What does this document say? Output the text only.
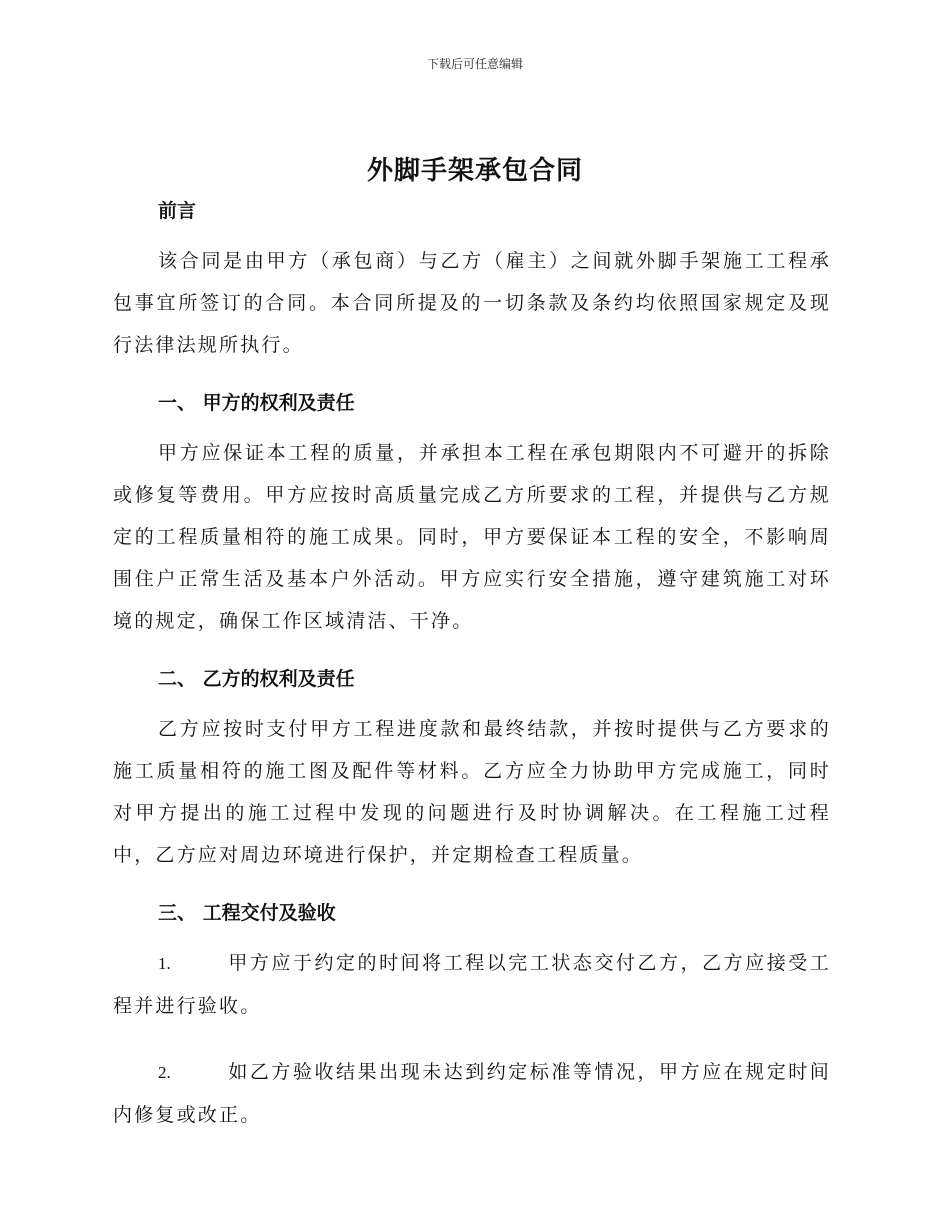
下载后可任意编辑
外脚手架承包合同
前言

该合同是由甲方（承包商）与乙方（雇主）之间就外脚手架施工工程承包事宜所签订的合同。本合同所提及的一切条款及条约均依照国家规定及现行法律法规所执行。

一、 甲方的权利及责任

甲方应保证本工程的质量，并承担本工程在承包期限内不可避开的拆除或修复等费用。甲方应按时高质量完成乙方所要求的工程，并提供与乙方规定的工程质量相符的施工成果。同时，甲方要保证本工程的安全，不影响周围住户正常生活及基本户外活动。甲方应实行安全措施，遵守建筑施工对环境的规定，确保工作区域清洁、干净。

二、 乙方的权利及责任

乙方应按时支付甲方工程进度款和最终结款，并按时提供与乙方要求的施工质量相符的施工图及配件等材料。乙方应全力协助甲方完成施工，同时对甲方提出的施工过程中发现的问题进行及时协调解决。在工程施工过程中，乙方应对周边环境进行保护，并定期检查工程质量。

三、 工程交付及验收

1.	甲方应于约定的时间将工程以完工状态交付乙方，乙方应接受工程并进行验收。

2.	如乙方验收结果出现未达到约定标准等情况，甲方应在规定时间内修复或改正。
